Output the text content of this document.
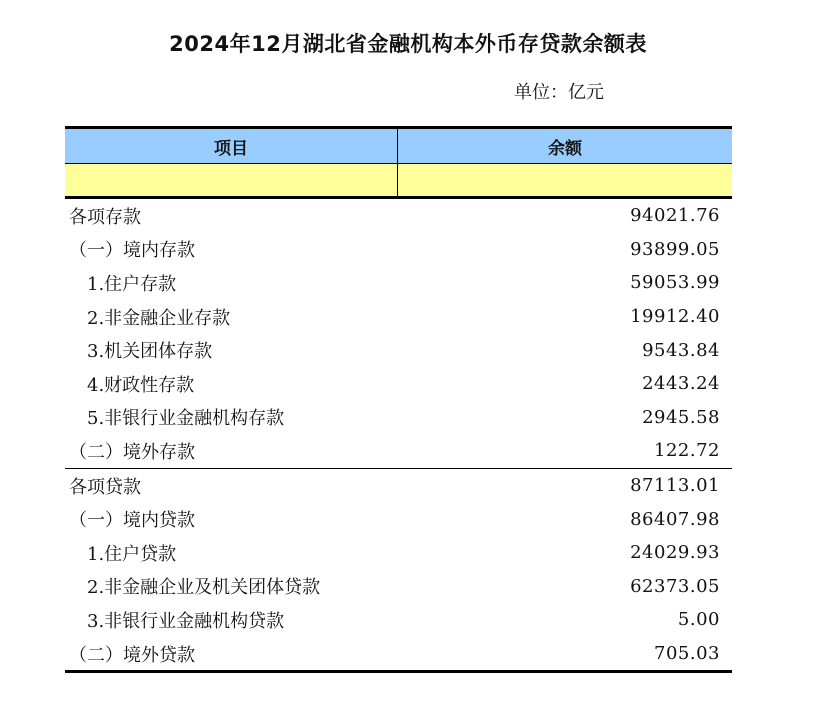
2024年12月湖北省金融机构本外币存贷款余额表
单位：亿元
项目	余额
各项存款	94021.76
（一）境内存款	93899.05
1.住户存款	59053.99
2.非金融企业存款	19912.40
3.机关团体存款	9543.84
4.财政性存款	2443.24
5.非银行业金融机构存款	2945.58
（二）境外存款	122.72
各项贷款	87113.01
（一）境内贷款	86407.98
1.住户贷款	24029.93
2.非金融企业及机关团体贷款	62373.05
3.非银行业金融机构贷款	5.00
（二）境外贷款	705.03
